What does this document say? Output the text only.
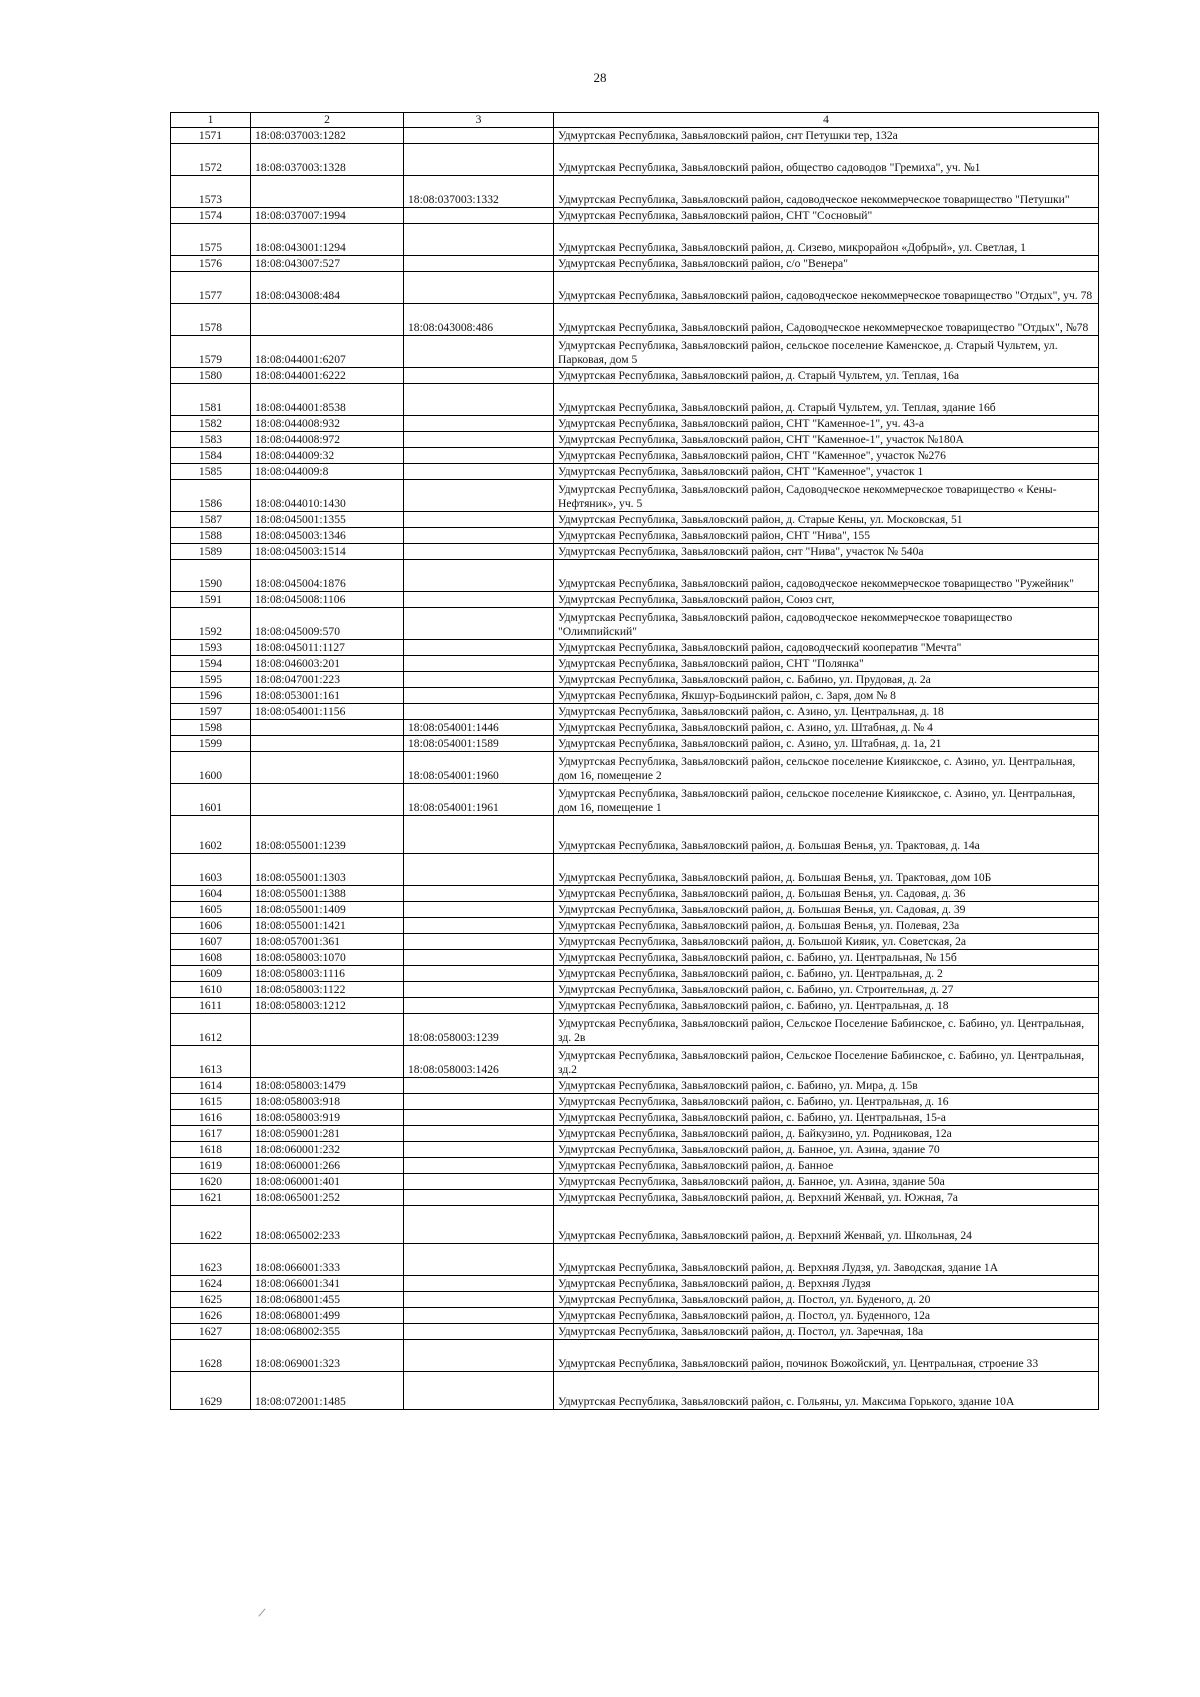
28
1	2	3	4
1571	18:08:037003:1282		Удмуртская Республика, Завьяловский район, снт Петушки тер, 132а
1572	18:08:037003:1328		Удмуртская Республика, Завьяловский район, общество садоводов "Гремиха", уч. №1
1573		18:08:037003:1332	Удмуртская Республика, Завьяловский район, садоводческое некоммерческое товарищество "Петушки"
1574	18:08:037007:1994		Удмуртская Республика, Завьяловский район, СНТ "Сосновый"
1575	18:08:043001:1294		Удмуртская Республика, Завьяловский район, д. Сизево, микрорайон «Добрый», ул. Светлая, 1
1576	18:08:043007:527		Удмуртская Республика, Завьяловский район, с/о "Венера"
1577	18:08:043008:484		Удмуртская Республика, Завьяловский район, садоводческое некоммерческое товарищество "Отдых", уч. 78
1578		18:08:043008:486	Удмуртская Республика, Завьяловский район, Садоводческое некоммерческое товарищество "Отдых", №78
1579	18:08:044001:6207		Удмуртская Республика, Завьяловский район, сельское поселение Каменское, д. Старый Чультем, ул. Парковая, дом 5
1580	18:08:044001:6222		Удмуртская Республика, Завьяловский район, д. Старый Чультем, ул. Теплая, 16а
1581	18:08:044001:8538		Удмуртская Республика, Завьяловский район, д. Старый Чультем, ул. Теплая, здание 16б
1582	18:08:044008:932		Удмуртская Республика, Завьяловский район, СНТ "Каменное-1", уч. 43-а
1583	18:08:044008:972		Удмуртская Республика, Завьяловский район, СНТ "Каменное-1", участок №180А
1584	18:08:044009:32		Удмуртская Республика, Завьяловский район, СНТ "Каменное", участок №276
1585	18:08:044009:8		Удмуртская Республика, Завьяловский район, СНТ "Каменное", участок 1
1586	18:08:044010:1430		Удмуртская Республика, Завьяловский район, Садоводческое некоммерческое товарищество « Кены-Нефтяник», уч. 5
1587	18:08:045001:1355		Удмуртская Республика, Завьяловский район, д. Старые Кены, ул. Московская, 51
1588	18:08:045003:1346		Удмуртская Республика, Завьяловский район, СНТ "Нива", 155
1589	18:08:045003:1514		Удмуртская Республика, Завьяловский район, снт "Нива", участок № 540а
1590	18:08:045004:1876		Удмуртская Республика, Завьяловский район, садоводческое некоммерческое товарищество "Ружейник"
1591	18:08:045008:1106		Удмуртская Республика, Завьяловский район, Союз снт,
1592	18:08:045009:570		Удмуртская Республика, Завьяловский район, садоводческое некоммерческое товарищество "Олимпийский"
1593	18:08:045011:1127		Удмуртская Республика, Завьяловский район, садоводческий кооператив "Мечта"
1594	18:08:046003:201		Удмуртская Республика, Завьяловский район, СНТ "Полянка"
1595	18:08:047001:223		Удмуртская Республика, Завьяловский район, с. Бабино, ул. Прудовая, д. 2а
1596	18:08:053001:161		Удмуртская Республика, Якшур-Бодьинский район, с. Заря, дом № 8
1597	18:08:054001:1156		Удмуртская Республика, Завьяловский район, с. Азино, ул. Центральная, д. 18
1598		18:08:054001:1446	Удмуртская Республика, Завьяловский район, с. Азино, ул. Штабная, д. № 4
1599		18:08:054001:1589	Удмуртская Республика, Завьяловский район, с. Азино, ул. Штабная, д. 1а, 21
1600		18:08:054001:1960	Удмуртская Республика, Завьяловский район, сельское поселение Кияикское, с. Азино, ул. Центральная, дом 16, помещение 2
1601		18:08:054001:1961	Удмуртская Республика, Завьяловский район, сельское поселение Кияикское, с. Азино, ул. Центральная, дом 16, помещение 1
1602	18:08:055001:1239		Удмуртская Республика, Завьяловский район, д. Большая Венья, ул. Трактовая, д. 14а
1603	18:08:055001:1303		Удмуртская Республика, Завьяловский район, д. Большая Венья, ул. Трактовая, дом 10Б
1604	18:08:055001:1388		Удмуртская Республика, Завьяловский район, д. Большая Венья, ул. Садовая, д. 36
1605	18:08:055001:1409		Удмуртская Республика, Завьяловский район, д. Большая Венья, ул. Садовая, д. 39
1606	18:08:055001:1421		Удмуртская Республика, Завьяловский район, д. Большая Венья, ул. Полевая, 23а
1607	18:08:057001:361		Удмуртская Республика, Завьяловский район, д. Большой Кияик, ул. Советская, 2а
1608	18:08:058003:1070		Удмуртская Республика, Завьяловский район, с. Бабино, ул. Центральная, № 15б
1609	18:08:058003:1116		Удмуртская Республика, Завьяловский район, с. Бабино, ул. Центральная, д. 2
1610	18:08:058003:1122		Удмуртская Республика, Завьяловский район, с. Бабино, ул. Строительная, д. 27
1611	18:08:058003:1212		Удмуртская Республика, Завьяловский район, с. Бабино, ул. Центральная, д. 18
1612		18:08:058003:1239	Удмуртская Республика, Завьяловский район, Сельское Поселение Бабинское, с. Бабино, ул. Центральная, зд. 2в
1613		18:08:058003:1426	Удмуртская Республика, Завьяловский район, Сельское Поселение Бабинское, с. Бабино, ул. Центральная, зд.2
1614	18:08:058003:1479		Удмуртская Республика, Завьяловский район, с. Бабино, ул. Мира, д. 15в
1615	18:08:058003:918		Удмуртская Республика, Завьяловский район, с. Бабино, ул. Центральная, д. 16
1616	18:08:058003:919		Удмуртская Республика, Завьяловский район, с. Бабино, ул. Центральная, 15-а
1617	18:08:059001:281		Удмуртская Республика, Завьяловский район, д. Байкузино, ул. Родниковая, 12а
1618	18:08:060001:232		Удмуртская Республика, Завьяловский район, д. Банное, ул. Азина, здание 70
1619	18:08:060001:266		Удмуртская Республика, Завьяловский район, д. Банное
1620	18:08:060001:401		Удмуртская Республика, Завьяловский район, д. Банное, ул. Азина, здание 50а
1621	18:08:065001:252		Удмуртская Республика, Завьяловский район, д. Верхний Женвай, ул. Южная, 7а
1622	18:08:065002:233		Удмуртская Республика, Завьяловский район, д. Верхний Женвай, ул. Школьная, 24
1623	18:08:066001:333		Удмуртская Республика, Завьяловский район, д. Верхняя Лудзя, ул. Заводская, здание 1А
1624	18:08:066001:341		Удмуртская Республика, Завьяловский район, д. Верхняя Лудзя
1625	18:08:068001:455		Удмуртская Республика, Завьяловский район, д. Постол, ул. Буденого, д. 20
1626	18:08:068001:499		Удмуртская Республика, Завьяловский район, д. Постол, ул. Буденного, 12а
1627	18:08:068002:355		Удмуртская Республика, Завьяловский район, д. Постол, ул. Заречная, 18а
1628	18:08:069001:323		Удмуртская Республика, Завьяловский район, починок Вожойский, ул. Центральная, строение 33
1629	18:08:072001:1485		Удмуртская Республика, Завьяловский район, с. Гольяны, ул. Максима Горького, здание 10А
